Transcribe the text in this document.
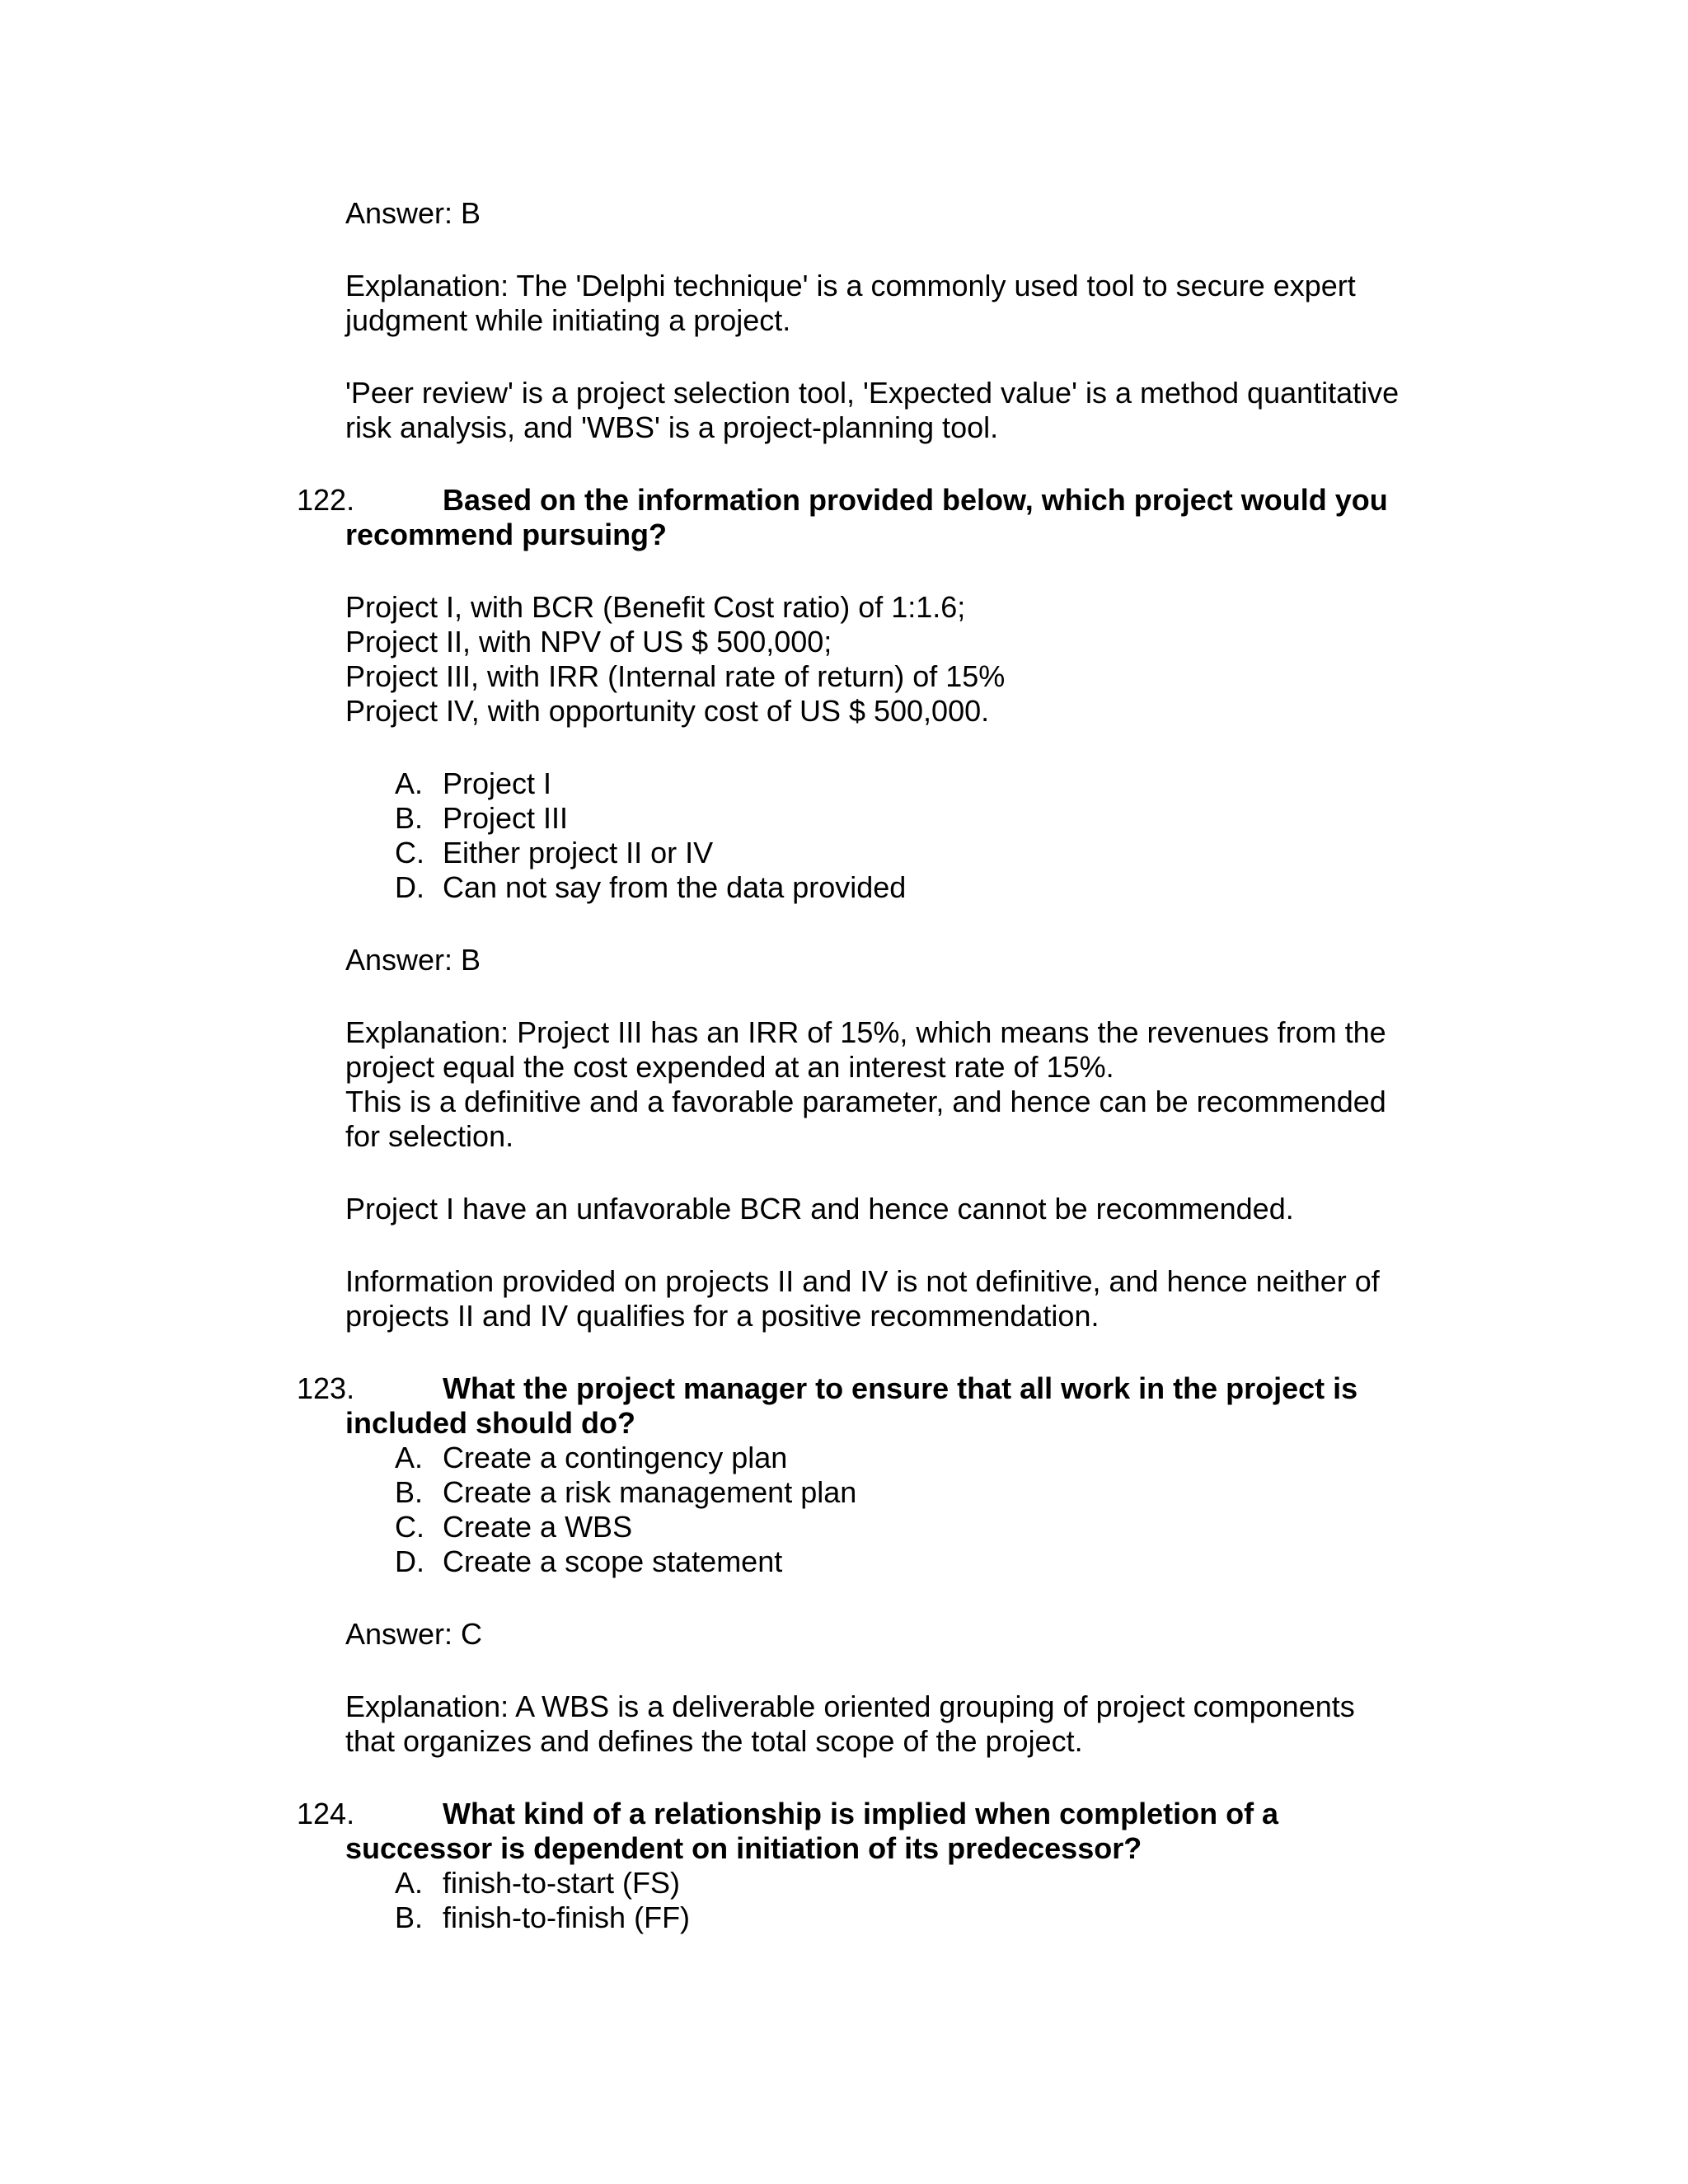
Answer: B

Explanation: The 'Delphi technique' is a commonly used tool to secure expert

judgment while initiating a project.

'Peer review' is a project selection tool, 'Expected value' is a method quantitative

risk analysis, and 'WBS' is a project-planning tool.

122.	Based on the information provided below, which project would you

recommend pursuing?

Project I, with BCR (Benefit Cost ratio) of 1:1.6;

Project II, with NPV of US $ 500,000;

Project III, with IRR (Internal rate of return) of 15%

Project IV, with opportunity cost of US $ 500,000.

A. Project I
B. Project III
C. Either project II or IV
D. Can not say from the data provided

Answer: B

Explanation: Project III has an IRR of 15%, which means the revenues from the

project equal the cost expended at an interest rate of 15%.

This is a definitive and a favorable parameter, and hence can be recommended

for selection.

Project I have an unfavorable BCR and hence cannot be recommended.

Information provided on projects II and IV is not definitive, and hence neither of

projects II and IV qualifies for a positive recommendation.

123.	What the project manager to ensure that all work in the project is

included should do?

A. Create a contingency plan
B. Create a risk management plan
C. Create a WBS
D. Create a scope statement

Answer: C

Explanation: A WBS is a deliverable oriented grouping of project components

that organizes and defines the total scope of the project.

124.	What kind of a relationship is implied when completion of a

successor is dependent on initiation of its predecessor?

A. finish-to-start (FS)
B. finish-to-finish (FF)
